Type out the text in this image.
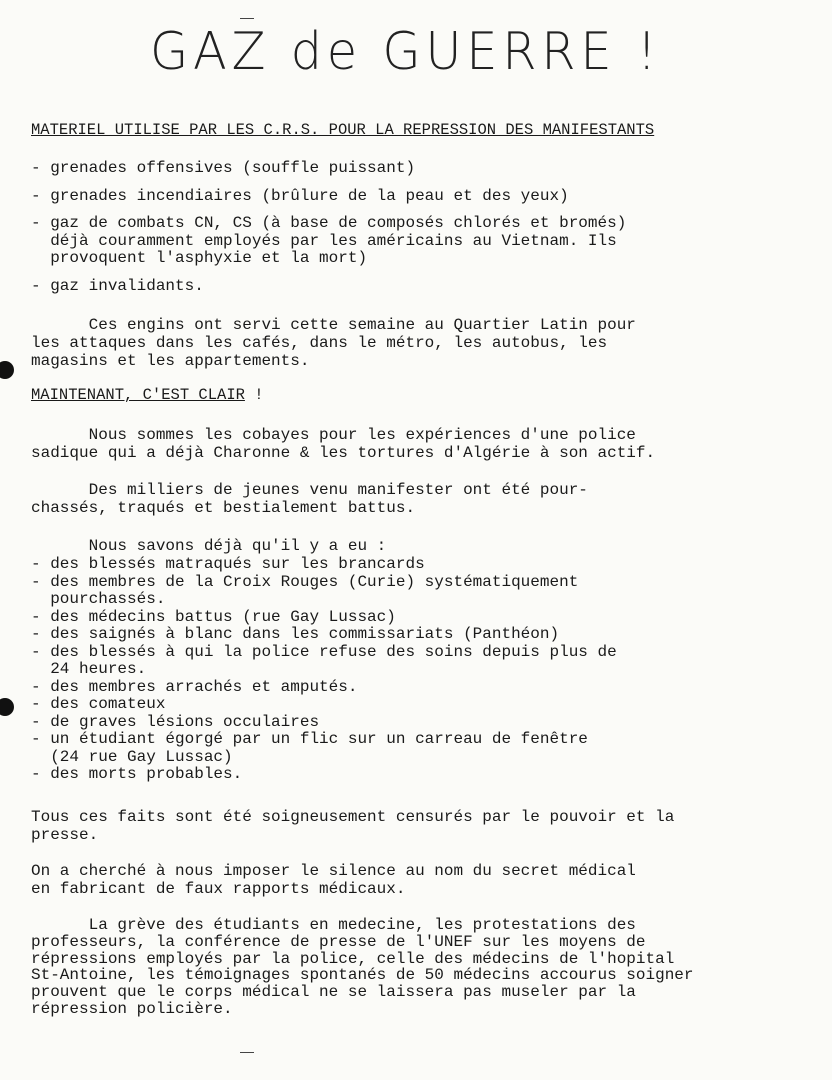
GAZ de GUERRE !
MATERIEL UTILISE PAR LES C.R.S. POUR LA REPRESSION DES MANIFESTANTS
- grenades offensives (souffle puissant)
- grenades incendiaires (brûlure de la peau et des yeux)
- gaz de combats CN, CS (à base de composés chlorés et bromés)
déjà couramment employés par les américains au Vietnam. Ils
provoquent l'asphyxie et la mort)
- gaz invalidants.
Ces engins ont servi cette semaine au Quartier Latin pour
les attaques dans les cafés, dans le métro, les autobus, les
magasins et les appartements.
MAINTENANT, C'EST CLAIR !
Nous sommes les cobayes pour les expériences d'une police
sadique qui a déjà Charonne & les tortures d'Algérie à son actif.
Des milliers de jeunes venu manifester ont été pour-
chassés, traqués et bestialement battus.
Nous savons déjà qu'il y a eu :
- des blessés matraqués sur les brancards
- des membres de la Croix Rouges (Curie) systématiquement
pourchassés.
- des médecins battus (rue Gay Lussac)
- des saignés à blanc dans les commissariats (Panthéon)
- des blessés à qui la police refuse des soins depuis plus de
24 heures.
- des membres arrachés et amputés.
- des comateux
- de graves lésions occulaires
- un étudiant égorgé par un flic sur un carreau de fenêtre
(24 rue Gay Lussac)
- des morts probables.
Tous ces faits sont été soigneusement censurés par le pouvoir et la
presse.
On a cherché à nous imposer le silence au nom du secret médical
en fabricant de faux rapports médicaux.
La grève des étudiants en medecine, les protestations des
professeurs, la conférence de presse de l'UNEF sur les moyens de
répressions employés par la police, celle des médecins de l'hopital
St-Antoine, les témoignages spontanés de 50 médecins accourus soigner
prouvent que le corps médical ne se laissera pas museler par la
répression policière.
